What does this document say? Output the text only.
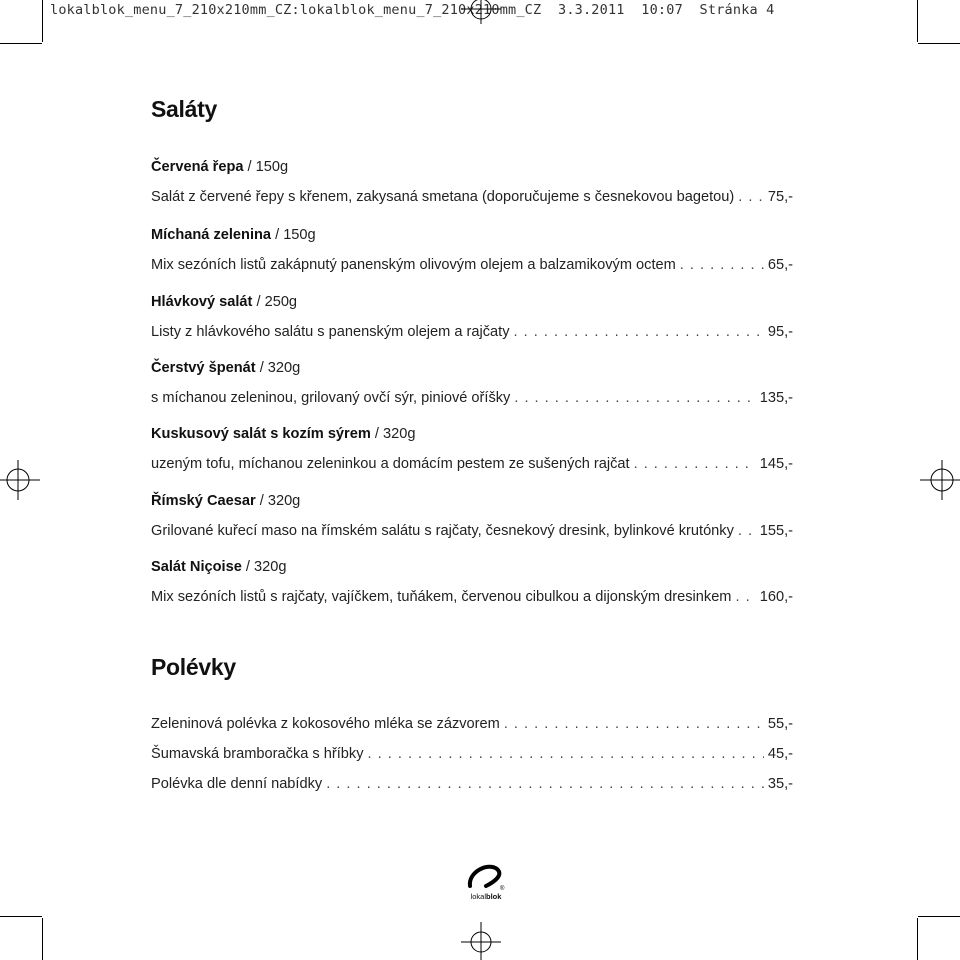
lokalblok_menu_7_210x210mm_CZ:lokalblok_menu_7_210x210mm_CZ  3.3.2011  10:07  Stránka 4
Saláty
Červená řepa / 150g
Salát z červené řepy s křenem, zakysaná smetana (doporučujeme s česnekovou bagetou) . . . 75,-
Míchaná zelenina / 150g
Mix sezóních listů zakápnutý panenským olivovým olejem a balzamikovým octem . . .	65,-
Hlávkový salát / 250g
Listy z hlávkového salátu s panenským olejem a rajčaty . . .	95,-
Čerstvý špenát / 320g
s míchanou zeleninou, grilovaný ovčí sýr, piniové oříšky . . .	135,-
Kuskusový salát s kozím sýrem / 320g
uzeným tofu, míchanou zeleninkou a domácím pestem ze sušených rajčat . . .	145,-
Římský Caesar / 320g
Grilované kuřecí maso na římském salátu s rajčaty, česnekový dresink, bylinkové krutónky . . . 155,-
Salát Niçoise / 320g
Mix sezóních listů s rajčaty, vajíčkem, tuňákem, červenou cibulkou a dijonským dresinkem . . . 160,-
Polévky
Zeleninová polévka z kokosového mléka se zázvorem . . .	55,-
Šumavská bramboračka s hříbky . . .	45,-
Polévka dle denní nabídky . . .	35,-
®
lokalblok
